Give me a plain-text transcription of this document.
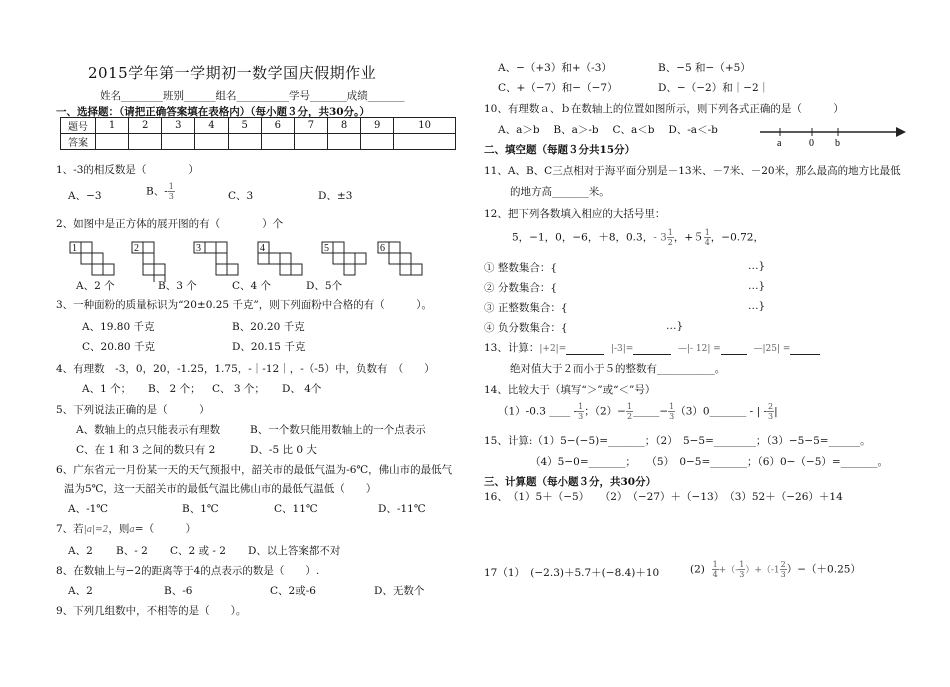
2015学年第一学期初一数学国庆假期作业
姓名________班别______组名__________学号_______成绩_______
一、选择题：（请把正确答案填在表格内）（每小题３分，共30分。）
题号	1	2	3	4	5	6	7	8	9	10
答案										
1、-3的相反数是（　　　　）
A、−3	B、- $\frac{1}{3}$	C、3	D、±3
2、如图中是正方体的展开图的有（　　　　）个
1	2	3	4	5	6
A、2 个	B、3 个	C、4 个	D、5个
3、一种面粉的质量标识为“20±0.25 千克”，则下列面粉中合格的有（　　　）。
A、19.80 千克	B、20.20 千克
C、20.80 千克	D、20.15 千克
4、有理数　-3，0，20，-1.25，1.75，-｜-12｜，-（-5）中，负数有　（　　）
A、1 个； B、 2 个； C、 3 个； D、 4个
5、下列说法正确的是（　　　）
A、数轴上的点只能表示有理数	B、一个数只能用数轴上的一个点表示
C、在 1 和 3 之间的数只有 2	D、-5 比 0 大
6、广东省元一月份某一天的天气预报中，韶关市的最低气温为-6℃，佛山市的最低气
温为5℃，这一天韶关市的最低气温比佛山市的最低气温低（　　）
A、-1℃	B、1℃	C、11℃	D、-11℃
7、若|a|=2，则a=（　　　）
A、2 B、- 2 C、2 或 - 2 D、以上答案都不对
8、在数轴上与−2的距离等于4的点表示的数是（　　）.
A、2	B、-6	C、2或-6	D、无数个
9、下列几组数中，不相等的是（　　）。
A、−（+3）和+（-3）	B、−5 和−（+5）
C、+（−7）和−（−7）	D、−（−2）和｜−2｜
10、有理数ａ、ｂ在数轴上的位置如图所示，则下列各式正确的是（　　　）
A、a＞b　 B、a＞-b　 C、a＜b　 D、-a＜-b
a	0 b
二、填空题（每题３分共15分）
11、A、B、C三点相对于海平面分别是－13米、－7米、－20米，那么最高的地方比最低
的地方高_______米。
12、把下列各数填入相应的大括号里：
5，−1，0，−6，＋8，0.3，- $3 \frac{1}{2}$ ，$+5 \frac{1}{4}$ ，−0.72，
① 整数集合：{	…}
② 分数集合：{	…}
③ 正整数集合：{	…}
④ 负分数集合：{	…}
13、计算：|+2|=	|-3|=	—|- 12| =	—|25| =
绝对值大于２而小于５的整数有___________。
14、比较大于（填写“＞”或“＜”号）
（1）-0.3 ____ - $\frac{1}{3}$ ；$(2)- \frac{1}{2}$ _____− $\frac{1}{3}$ （3）0_______ - | - $\frac{2}{3}$ |
15、计算:（1）5−(−5)=_______；（2）　5−5=________；（3）−5−5=______。
（4）5−0=_______；　　（5）　0−5=_______；（6）0−（−5）=_______。
三、计算题（每小题３分，共30分）
16、　（1）5＋（−5）　　（2）　（−27）＋（−13）　（3）52＋（−26）＋14
17（1）　(−2.3)＋5.7＋(−8.4)＋10	$(2) \frac{1}{4}$ +（- $\frac{1}{3} )+(-1 \frac{2}{3} )-(+0.25)$
